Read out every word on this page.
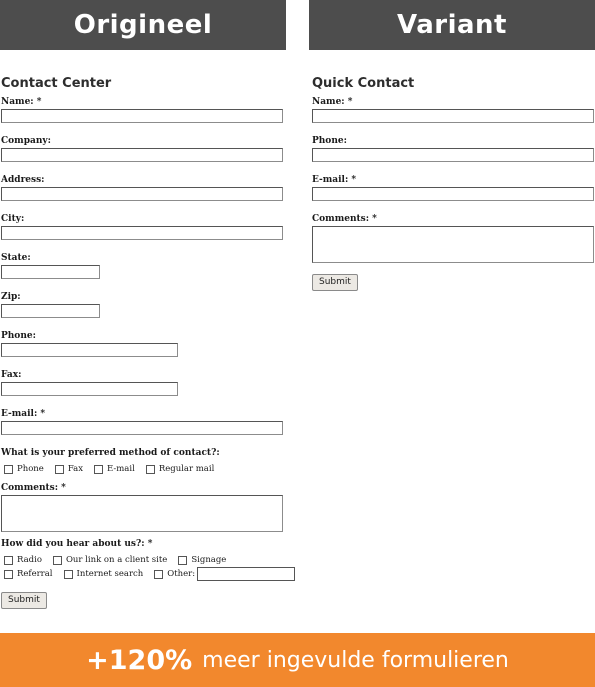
Origineel	Variant
Contact Center
Name: *
Company:
Address:
City:
State:
Zip:
Phone:
Fax:
E-mail: *
What is your preferred method of contact?:
Phone	Fax	E-mail	Regular mail
Comments: *
How did you hear about us?: *
Radio	Our link on a client site	Signage
Referral	Internet search	Other:
Submit
Quick Contact
Name: *
Phone:
E-mail: *
Comments: *
Submit
+120% meer ingevulde formulieren
